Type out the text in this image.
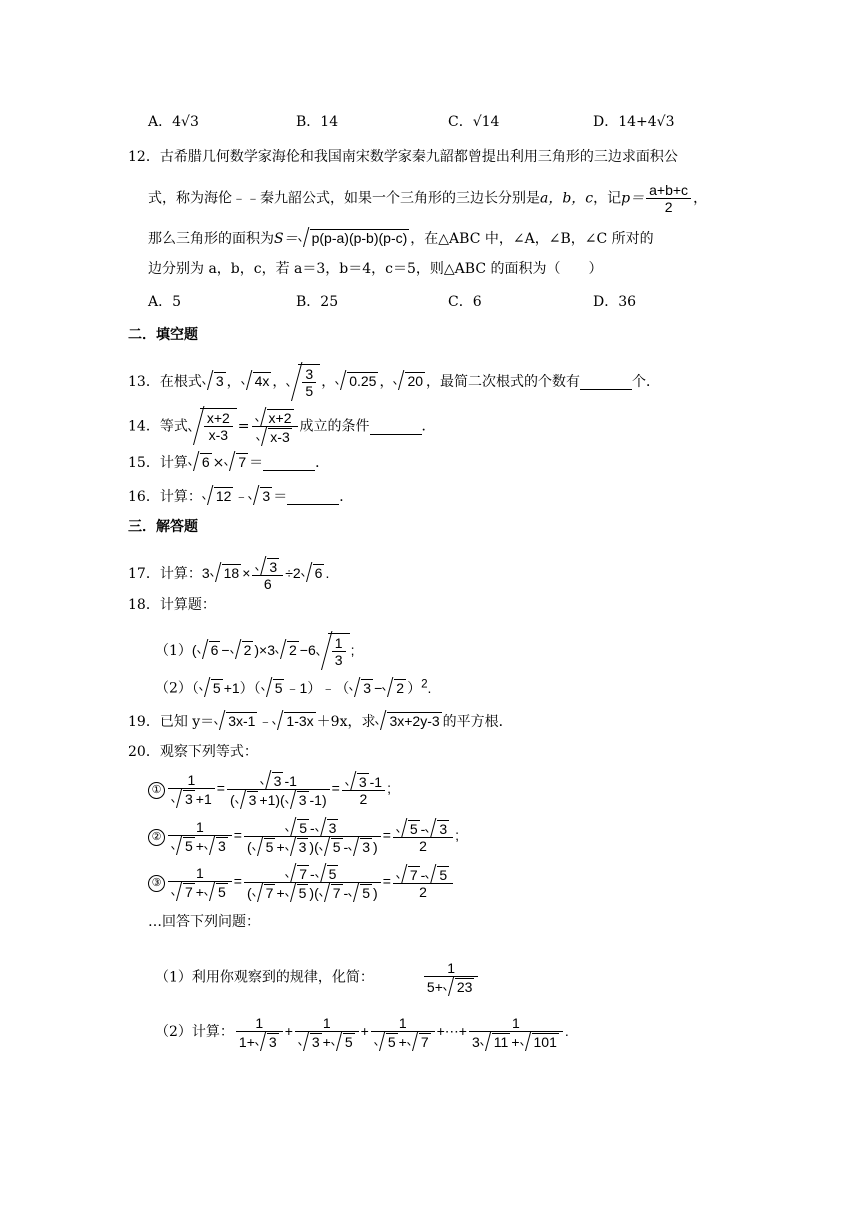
A．4√3	B．14	C．√14	D．14+4√3
12．古希腊几何数学家海伦和我国南宋数学家秦九韶都曾提出利用三角形的三边求面积公
式，称为海伦﹣﹣秦九韶公式，如果一个三角形的三边长分别是a，b，c，记$p= \frac{a+b+c}{2}$ ，
那么三角形的面积为S＝ p(p-a)(p-b)(p-c) ，在△ABC 中，∠A，∠B，∠C 所对的
边分别为 a，b，c，若 a＝3，b＝4，c＝5，则△ABC 的面积为（　　）
A．5	B．25	C．6	D．36
二．填空题
13．在根式 3 ， 4x ， $\frac{3}{5}$ ， 0.25 ， 20 ，最简二次根式的个数有	个．
14．等式 $\frac{x+2}{x-3} = \frac{x+2}{x-3}$ 成立的条件	．
15．计算 6 × 7 ＝	．
16．计算： 12 ﹣ 3 ＝	．
三．解答题
17．计算：3 $18 \times \frac{3}{6} \div 2$ 6 .
18．计算题：
（1）( 6 − 2 )×3 $2 -6 \frac{1}{3}$ ;
（2）（ 5 +1）（ 5 ﹣1）﹣（ 3 − 2 ）$^2$.
19．已知 y＝ 3x-1 ﹣ 1-3x ＋9x，求 3x+2y-3 的平方根．
20．观察下列等式：
① $\frac{1}{3 +1} = \frac{3 -1}{( 3 +1)( 3 -1)} = \frac{3 -1}{2}$ ;
② $\frac{1}{5 + 3} = \frac{5 - 3}{( 5 + 3 )( 5 - 3 )} = \frac{5 - 3}{2}$ ;
③ $\frac{1}{7 + 5} = \frac{7 - 5}{( 7 + 5 )( 7 - 5 )} = \frac{7 - 5}{2}$
…回答下列问题：
（1）利用你观察到的规律，化简：	$\frac{1}{5+ 23}$
（2）计算： $\frac{1}{1+ 3} + \frac{1}{3 + 5} + \frac{1}{5 + 7}$ +⋯+ $\frac{1}{3 11 + 101}$ .
